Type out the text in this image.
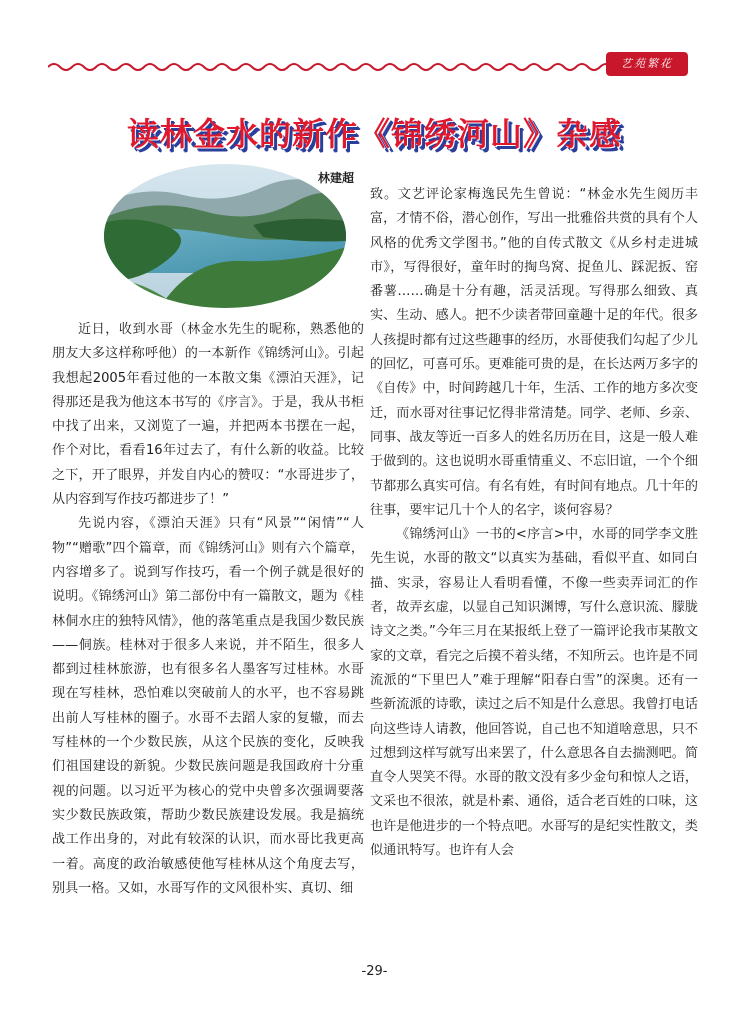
艺苑繁花
读林金水的新作《锦绣河山》杂感
林建超

近日，收到水哥（林金水先生的昵称，熟悉他的朋友大多这样称呼他）的一本新作《锦绣河山》。引起我想起2005年看过他的一本散文集《漂泊天涯》，记得那还是我为他这本书写的《序言》。于是，我从书柜中找了出来，又浏览了一遍，并把两本书摆在一起，作个对比，看看16年过去了，有什么新的收益。比较之下，开了眼界，并发自内心的赞叹：“水哥进步了，从内容到写作技巧都进步了！”

先说内容，《漂泊天涯》只有“风景”“闲情”“人物”“赠歌”四个篇章，而《锦绣河山》则有六个篇章，内容增多了。说到写作技巧，看一个例子就是很好的说明。《锦绣河山》第二部份中有一篇散文，题为《桂林侗水庄的独特风情》，他的落笔重点是我国少数民族——侗族。桂林对于很多人来说，并不陌生，很多人都到过桂林旅游，也有很多名人墨客写过桂林。水哥现在写桂林，恐怕难以突破前人的水平，也不容易跳出前人写桂林的圈子。水哥不去蹈人家的复辙，而去写桂林的一个少数民族，从这个民族的变化，反映我们祖国建设的新貌。少数民族问题是我国政府十分重视的问题。以习近平为核心的党中央曾多次强调要落实少数民族政策，帮助少数民族建设发展。我是搞统战工作出身的，对此有较深的认识，而水哥比我更高一着。高度的政治敏感使他写桂林从这个角度去写，别具一格。又如，水哥写作的文风很朴实、真切、细

致。文艺评论家梅逸民先生曾说：“林金水先生阅历丰富，才情不俗，潜心创作，写出一批雅俗共赏的具有个人风格的优秀文学图书。”他的自传式散文《从乡村走进城市》，写得很好，童年时的掏鸟窝、捉鱼儿、踩泥扳、窑番薯……确是十分有趣，活灵活现。写得那么细致、真实、生动、感人。把不少读者带回童趣十足的年代。很多人孩提时都有过这些趣事的经历，水哥使我们勾起了少儿的回忆，可喜可乐。更难能可贵的是，在长达两万多字的《自传》中，时间跨越几十年，生活、工作的地方多次变迁，而水哥对往事记忆得非常清楚。同学、老师、乡亲、同事、战友等近一百多人的姓名历历在目，这是一般人难于做到的。这也说明水哥重情重义、不忘旧谊，一个个细节都那么真实可信。有名有姓，有时间有地点。几十年的往事，要牢记几十个人的名字，谈何容易？

《锦绣河山》一书的<序言>中，水哥的同学李文胜先生说，水哥的散文“以真实为基础，看似平直、如同白描、实录，容易让人看明看懂，不像一些卖弄词汇的作者，故弄玄虚，以显自己知识渊博，写什么意识流、朦胧诗文之类。”今年三月在某报纸上登了一篇评论我市某散文家的文章，看完之后摸不着头绪，不知所云。也许是不同流派的“下里巴人”难于理解“阳春白雪”的深奥。还有一些新流派的诗歌，读过之后不知是什么意思。我曾打电话向这些诗人请教，他回答说，自己也不知道啥意思，只不过想到这样写就写出来罢了，什么意思各自去揣测吧。简直令人哭笑不得。水哥的散文没有多少金句和惊人之语，文采也不很浓，就是朴素、通俗，适合老百姓的口味，这也许是他进步的一个特点吧。水哥写的是纪实性散文，类似通讯特写。也许有人会

-29-
